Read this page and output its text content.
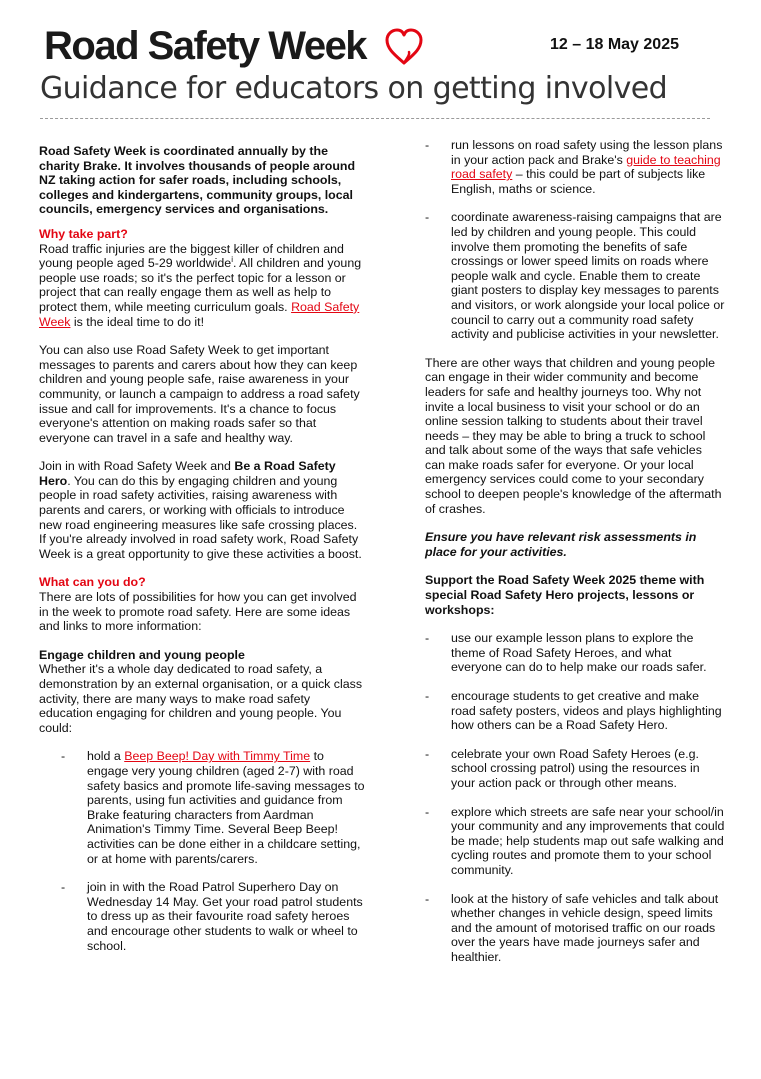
Road Safety Week	12 – 18 May 2025
Guidance for educators on getting involved

Road Safety Week is coordinated annually by the charity Brake. It involves thousands of people around NZ taking action for safer roads, including schools, colleges and kindergartens, community groups, local councils, emergency services and organisations.

Why take part?

Road traffic injuries are the biggest killer of children and young people aged 5-29 worldwide$^i$. All children and young people use roads; so it's the perfect topic for a lesson or project that can really engage them as well as help to protect them, while meeting curriculum goals. Road Safety Week is the ideal time to do it!

You can also use Road Safety Week to get important messages to parents and carers about how they can keep children and young people safe, raise awareness in your community, or launch a campaign to address a road safety issue and call for improvements. It's a chance to focus everyone's attention on making roads safer so that everyone can travel in a safe and healthy way.

Join in with Road Safety Week and Be a Road Safety Hero. You can do this by engaging children and young people in road safety activities, raising awareness with parents and carers, or working with officials to introduce new road engineering measures like safe crossing places. If you're already involved in road safety work, Road Safety Week is a great opportunity to give these activities a boost.

What can you do?

There are lots of possibilities for how you can get involved in the week to promote road safety. Here are some ideas and links to more information:

Engage children and young people

Whether it's a whole day dedicated to road safety, a demonstration by an external organisation, or a quick class activity, there are many ways to make road safety education engaging for children and young people. You could:

- hold a Beep Beep! Day with Timmy Time to engage very young children (aged 2-7) with road safety basics and promote life-saving messages to parents, using fun activities and guidance from Brake featuring characters from Aardman Animation's Timmy Time. Several Beep Beep! activities can be done either in a childcare setting, or at home with parents/carers.
- join in with the Road Patrol Superhero Day on Wednesday 14 May. Get your road patrol students to dress up as their favourite road safety heroes and encourage other students to walk or wheel to school.
- run lessons on road safety using the lesson plans in your action pack and Brake's guide to teaching road safety – this could be part of subjects like English, maths or science.
- coordinate awareness-raising campaigns that are led by children and young people. This could involve them promoting the benefits of safe crossings or lower speed limits on roads where people walk and cycle. Enable them to create giant posters to display key messages to parents and visitors, or work alongside your local police or council to carry out a community road safety activity and publicise activities in your newsletter.

There are other ways that children and young people can engage in their wider community and become leaders for safe and healthy journeys too. Why not invite a local business to visit your school or do an online session talking to students about their travel needs – they may be able to bring a truck to school and talk about some of the ways that safe vehicles can make roads safer for everyone. Or your local emergency services could come to your secondary school to deepen people's knowledge of the aftermath of crashes.

Ensure you have relevant risk assessments in place for your activities.

Support the Road Safety Week 2025 theme with special Road Safety Hero projects, lessons or workshops:

- use our example lesson plans to explore the theme of Road Safety Heroes, and what everyone can do to help make our roads safer.
- encourage students to get creative and make road safety posters, videos and plays highlighting how others can be a Road Safety Hero.
- celebrate your own Road Safety Heroes (e.g. school crossing patrol) using the resources in your action pack or through other means.
- explore which streets are safe near your school/in your community and any improvements that could be made; help students map out safe walking and cycling routes and promote them to your school community.
- look at the history of safe vehicles and talk about whether changes in vehicle design, speed limits and the amount of motorised traffic on our roads over the years have made journeys safer and healthier.
